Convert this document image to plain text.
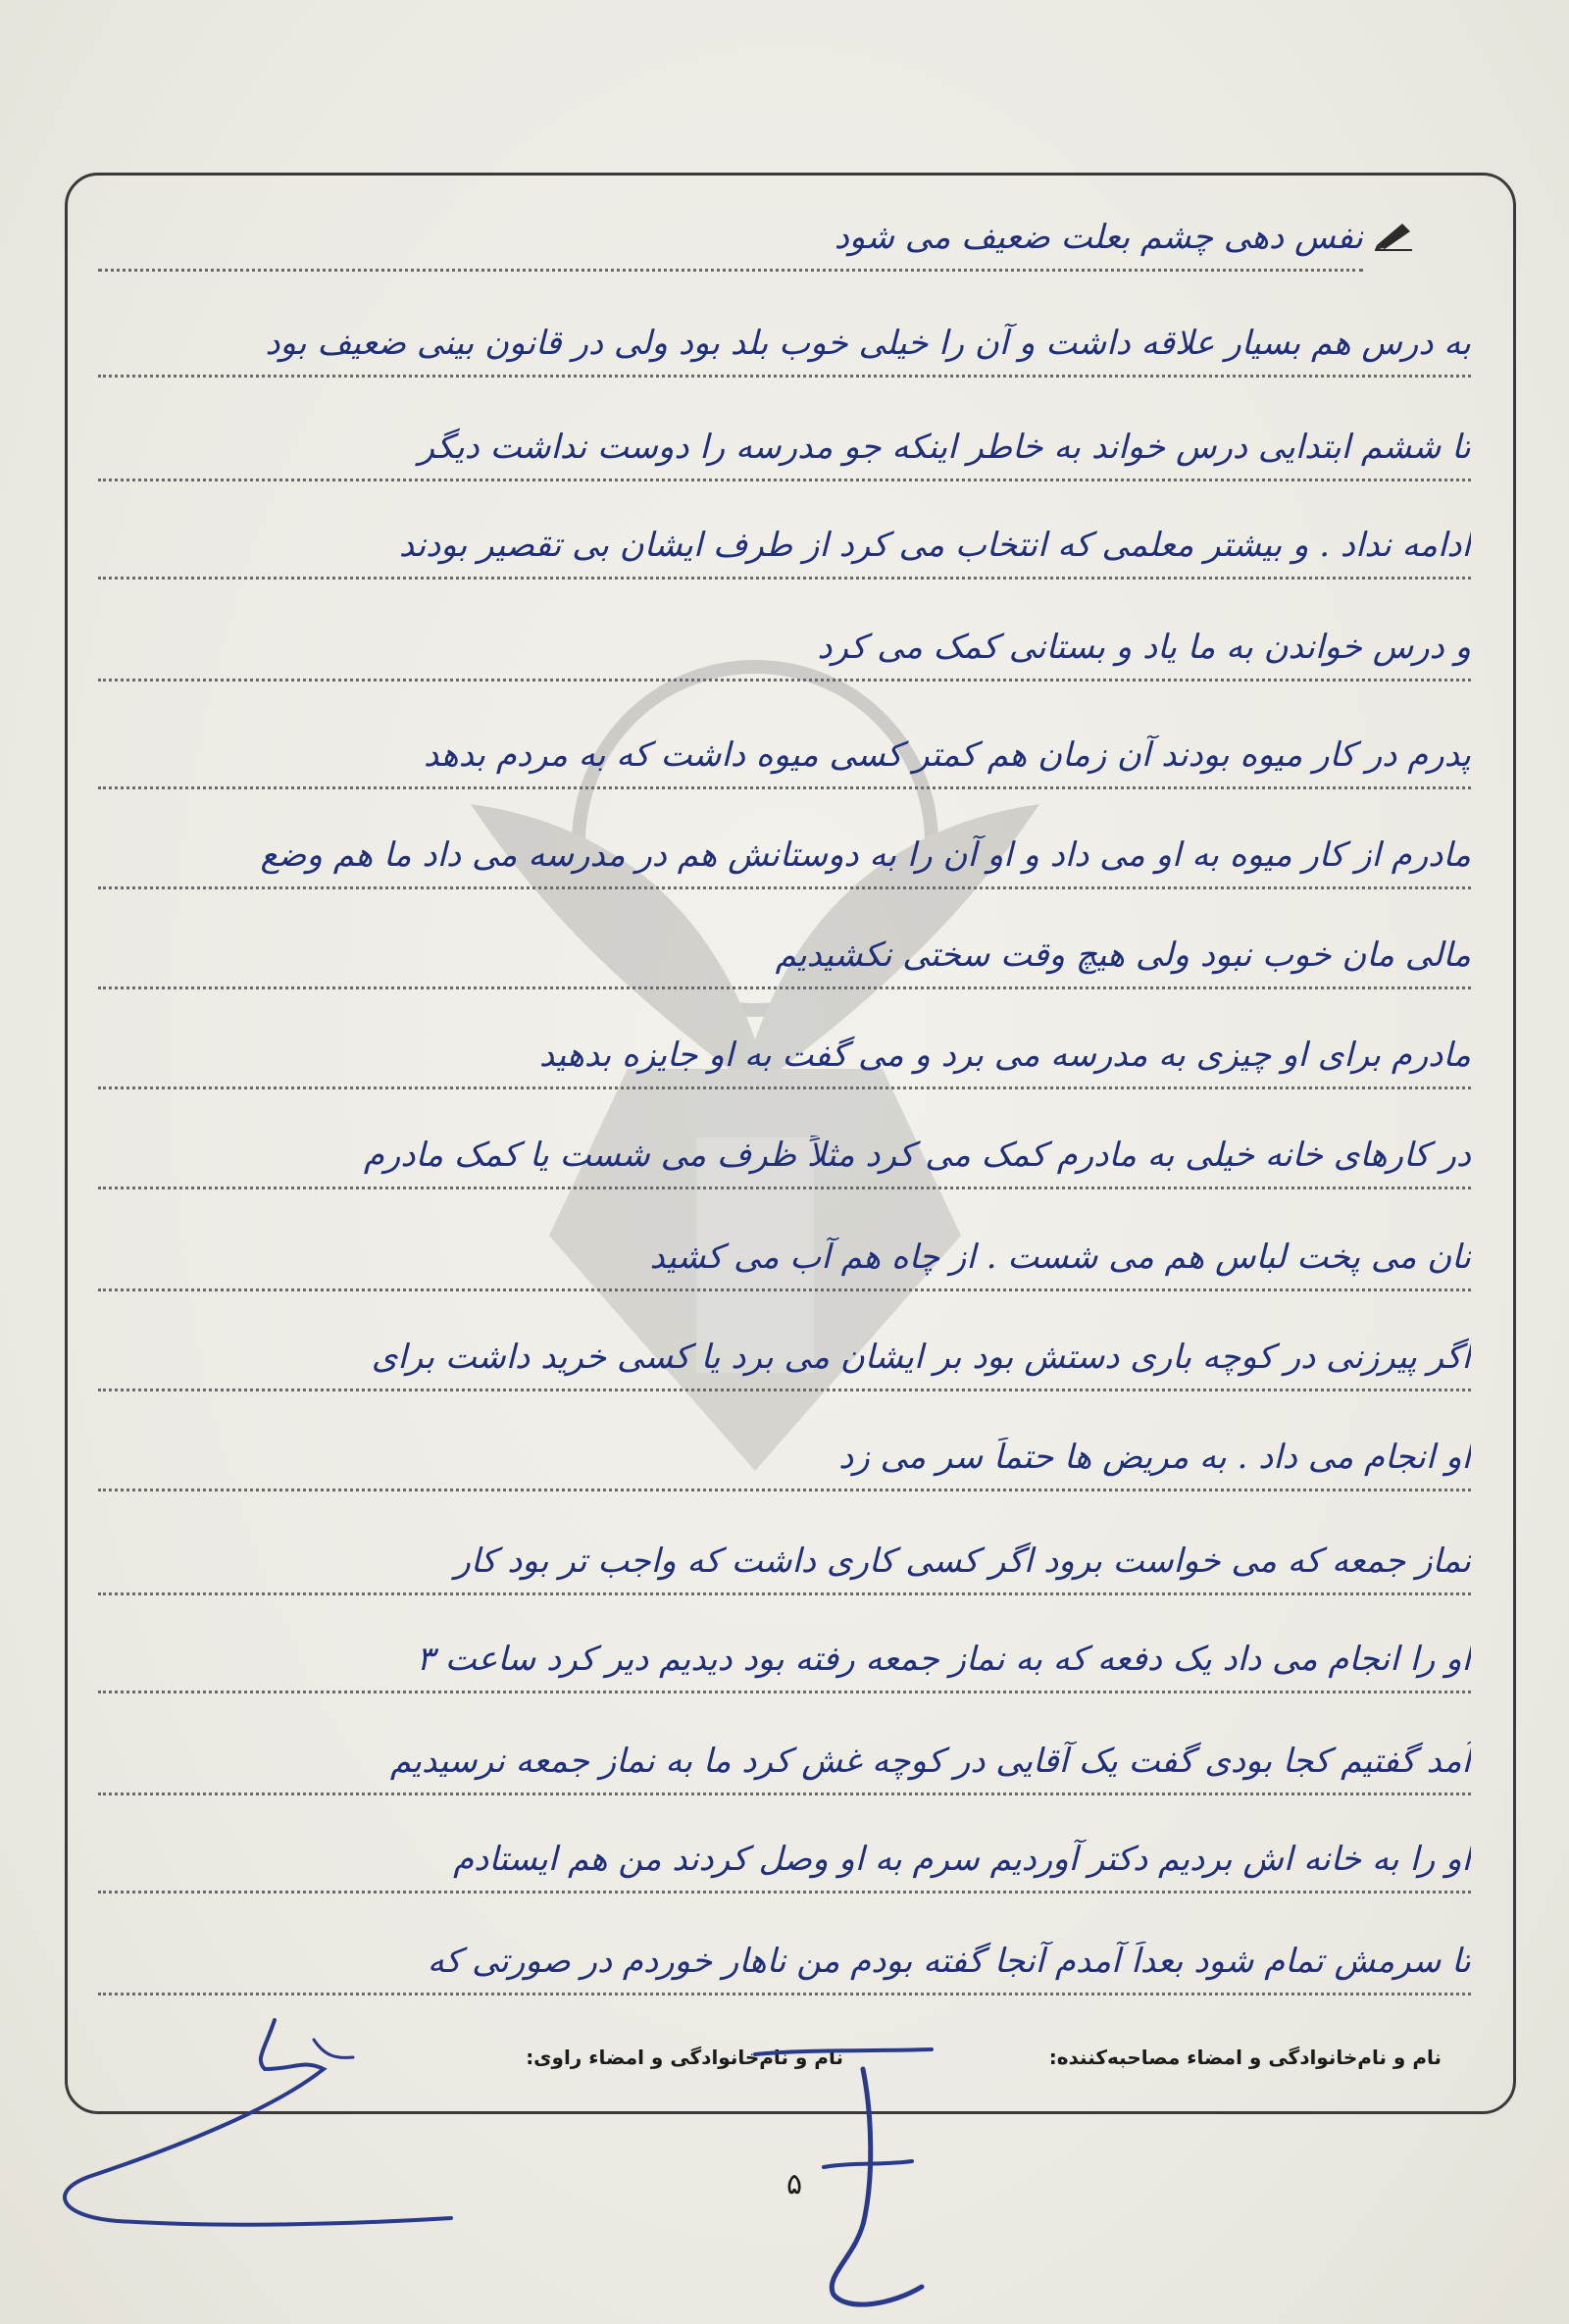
نفس دهی چشم بعلت ضعیف می شود
به درس هم بسیار علاقه داشت و آن را خیلی خوب بلد بود ولی در قانون بینی ضعیف بود
تا ششم ابتدایی درس خواند به خاطر اینکه جو مدرسه را دوست نداشت دیگر
ادامه نداد . و بیشتر معلمی که انتخاب می کرد از طرف ایشان بی تقصیر بودند
و درس خواندن به ما یاد و بستانی کمک می کرد
پدرم در کار میوه بودند آن زمان هم کمتر کسی میوه داشت که به مردم بدهد
مادرم از کار میوه به او می داد و او آن را به دوستانش هم در مدرسه می داد ما هم وضع
مالی مان خوب نبود ولی هیچ وقت سختی نکشیدیم
مادرم برای او چیزی به مدرسه می برد و می گفت به او جایزه بدهید
در کارهای خانه خیلی به مادرم کمک می کرد مثلاً ظرف می شست یا کمک مادرم
نان می پخت لباس هم می شست . از چاه هم آب می کشید
اگر پیرزنی در کوچه باری دستش بود بر ایشان می برد یا کسی خرید داشت برای
او انجام می داد . به مریض ها حتماً سر می زد
نماز جمعه که می خواست برود اگر کسی کاری داشت که واجب تر بود کار
او را انجام می داد یک دفعه که به نماز جمعه رفته بود دیدیم دیر کرد ساعت ۳
آمد گفتیم کجا بودی گفت یک آقایی در کوچه غش کرد ما به نماز جمعه نرسیدیم
او را به خانه اش بردیم دکتر آوردیم سرم به او وصل کردند من هم ایستادم
تا سرمش تمام شود بعداً آمدم آنجا گفته بودم من ناهار خوردم در صورتی که
نام و نام‌خانوادگی و امضاء مصاحبه‌کننده:
نام و نام‌خانوادگی و امضاء راوی:
۵
